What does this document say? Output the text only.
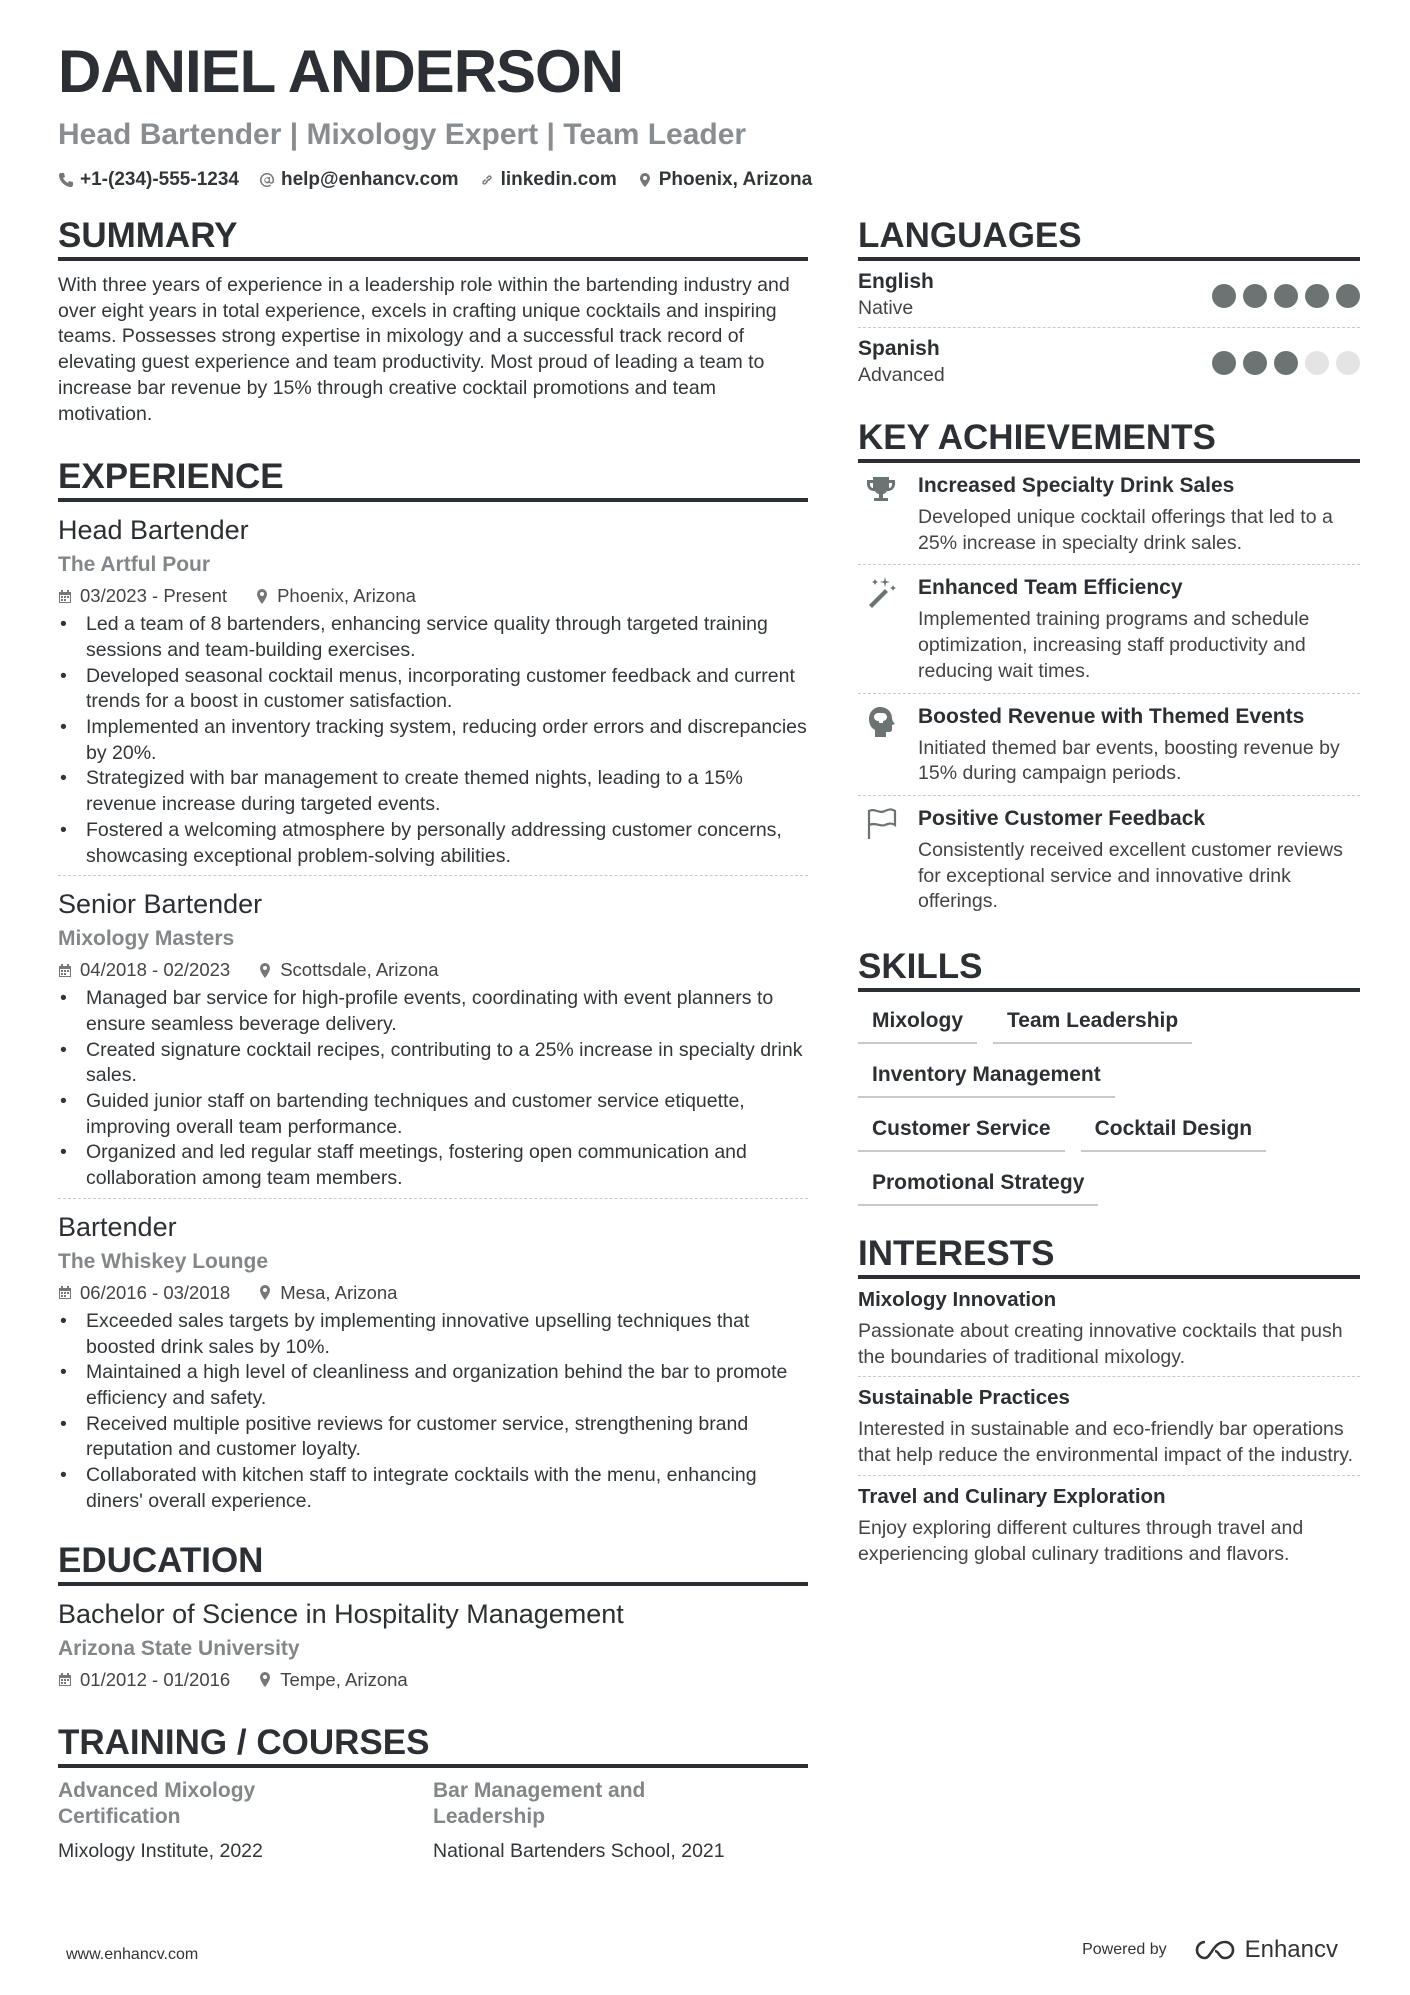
DANIEL ANDERSON
Head Bartender | Mixology Expert | Team Leader
+1-(234)-555-1234 help@enhancv.com linkedin.com Phoenix, Arizona
SUMMARY

With three years of experience in a leadership role within the bartending industry and over eight years in total experience, excels in crafting unique cocktails and inspiring teams. Possesses strong expertise in mixology and a successful track record of elevating guest experience and team productivity. Most proud of leading a team to increase bar revenue by 15% through creative cocktail promotions and team motivation.

EXPERIENCE
Head Bartender
The Artful Pour
03/2023 - Present	Phoenix, Arizona
• Led a team of 8 bartenders, enhancing service quality through targeted training sessions and team-building exercises.
• Developed seasonal cocktail menus, incorporating customer feedback and current trends for a boost in customer satisfaction.
• Implemented an inventory tracking system, reducing order errors and discrepancies by 20%.
• Strategized with bar management to create themed nights, leading to a 15% revenue increase during targeted events.
• Fostered a welcoming atmosphere by personally addressing customer concerns, showcasing exceptional problem-solving abilities.
Senior Bartender
Mixology Masters
04/2018 - 02/2023	Scottsdale, Arizona
• Managed bar service for high-profile events, coordinating with event planners to ensure seamless beverage delivery.
• Created signature cocktail recipes, contributing to a 25% increase in specialty drink sales.
• Guided junior staff on bartending techniques and customer service etiquette, improving overall team performance.
• Organized and led regular staff meetings, fostering open communication and collaboration among team members.
Bartender
The Whiskey Lounge
06/2016 - 03/2018	Mesa, Arizona
• Exceeded sales targets by implementing innovative upselling techniques that boosted drink sales by 10%.
• Maintained a high level of cleanliness and organization behind the bar to promote efficiency and safety.
• Received multiple positive reviews for customer service, strengthening brand reputation and customer loyalty.
• Collaborated with kitchen staff to integrate cocktails with the menu, enhancing diners' overall experience.
EDUCATION
Bachelor of Science in Hospitality Management
Arizona State University
01/2012 - 01/2016	Tempe, Arizona
TRAINING / COURSES
Advanced Mixology Certification
Mixology Institute, 2022
Bar Management and Leadership
National Bartenders School, 2021
LANGUAGES
English
Native
Spanish
Advanced
KEY ACHIEVEMENTS
Increased Specialty Drink Sales
Developed unique cocktail offerings that led to a 25% increase in specialty drink sales.
Enhanced Team Efficiency
Implemented training programs and schedule optimization, increasing staff productivity and reducing wait times.
Boosted Revenue with Themed Events
Initiated themed bar events, boosting revenue by 15% during campaign periods.
Positive Customer Feedback
Consistently received excellent customer reviews for exceptional service and innovative drink offerings.
SKILLS
Mixology	Team Leadership
Inventory Management
Customer Service	Cocktail Design
Promotional Strategy
INTERESTS
Mixology Innovation
Passionate about creating innovative cocktails that push the boundaries of traditional mixology.
Sustainable Practices
Interested in sustainable and eco-friendly bar operations that help reduce the environmental impact of the industry.
Travel and Culinary Exploration
Enjoy exploring different cultures through travel and experiencing global culinary traditions and flavors.
www.enhancv.com	Powered by	Enhancv
